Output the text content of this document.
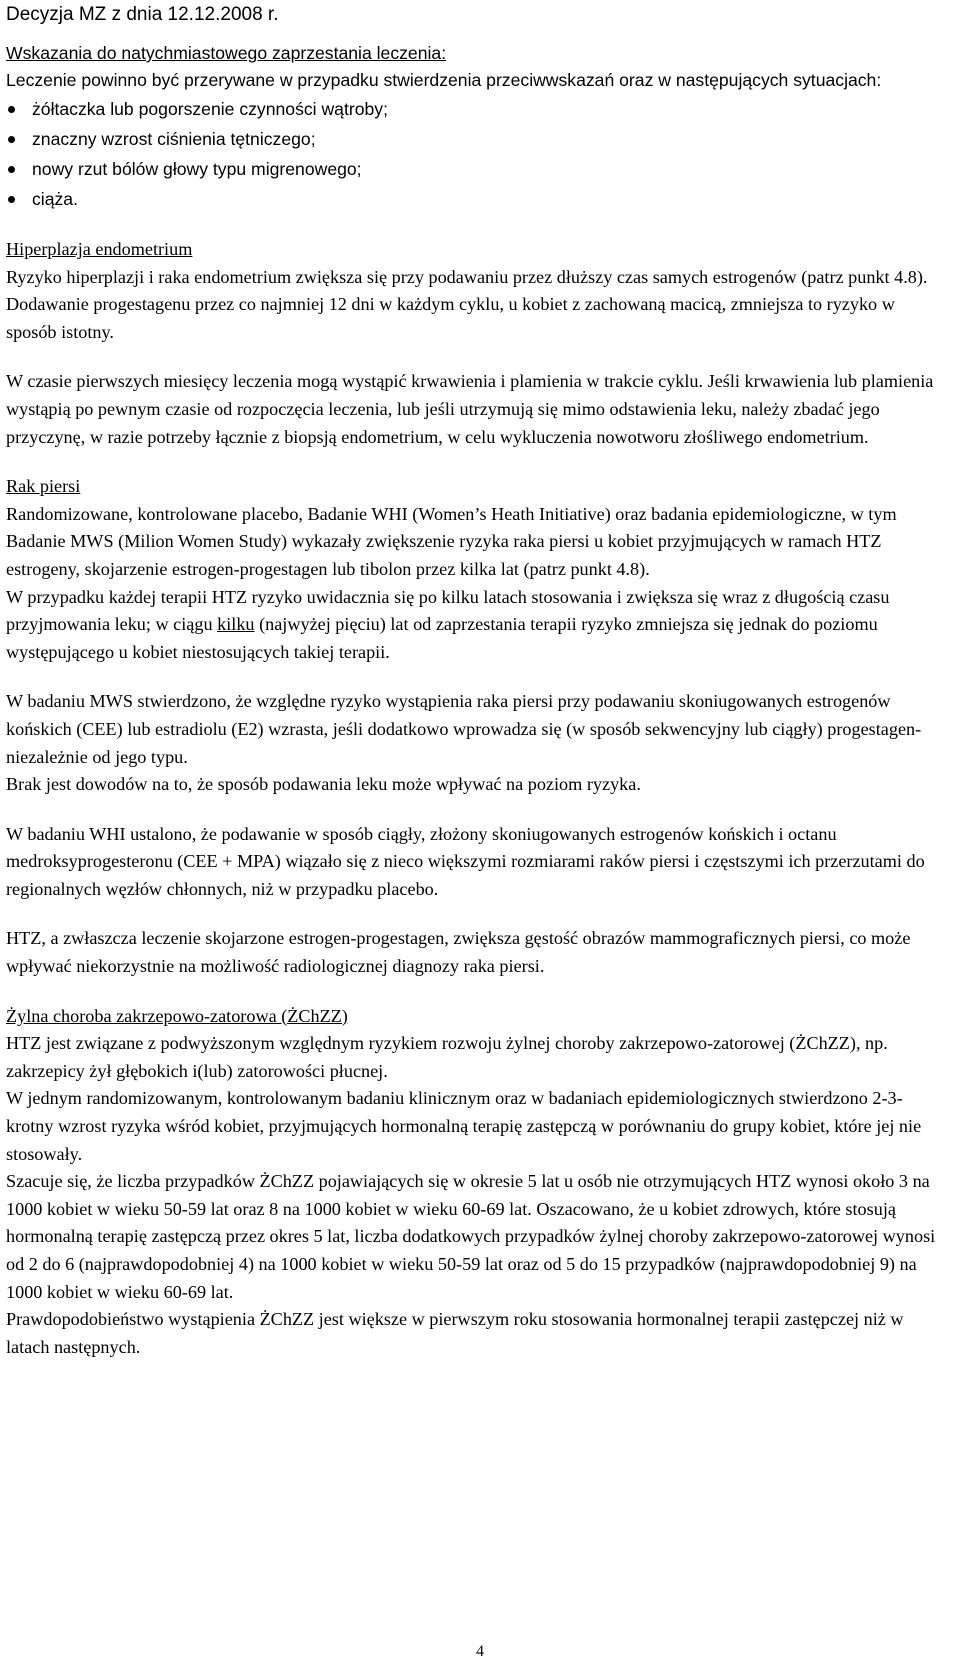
Decyzja MZ z dnia 12.12.2008 r.

Wskazania do natychmiastowego zaprzestania leczenia:

Leczenie powinno być przerywane w przypadku stwierdzenia przeciwwskazań oraz w następujących sytuacjach:

żółtaczka lub pogorszenie czynności wątroby;
znaczny wzrost ciśnienia tętniczego;
nowy rzut bólów głowy typu migrenowego;
ciąża.

Hiperplazja endometrium

Ryzyko hiperplazji i raka endometrium zwiększa się przy podawaniu przez dłuższy czas samych estrogenów (patrz punkt 4.8). Dodawanie progestagenu przez co najmniej 12 dni w każdym cyklu, u kobiet z zachowaną macicą, zmniejsza to ryzyko w sposób istotny.

W czasie pierwszych miesięcy leczenia mogą wystąpić krwawienia i plamienia w trakcie cyklu. Jeśli krwawienia lub plamienia wystąpią po pewnym czasie od rozpoczęcia leczenia, lub jeśli utrzymują się mimo odstawienia leku, należy zbadać jego przyczynę, w razie potrzeby łącznie z biopsją endometrium, w celu wykluczenia nowotworu złośliwego endometrium.

Rak piersi

Randomizowane, kontrolowane placebo, Badanie WHI (Women’s Heath Initiative) oraz badania epidemiologiczne, w tym Badanie MWS (Milion Women Study) wykazały zwiększenie ryzyka raka piersi u kobiet przyjmujących w ramach HTZ estrogeny, skojarzenie estrogen-progestagen lub tibolon przez kilka lat (patrz punkt 4.8).

W przypadku każdej terapii HTZ ryzyko uwidacznia się po kilku latach stosowania i zwiększa się wraz z długością czasu przyjmowania leku; w ciągu kilku (najwyżej pięciu) lat od zaprzestania terapii ryzyko zmniejsza się jednak do poziomu występującego u kobiet niestosujących takiej terapii.

W badaniu MWS stwierdzono, że względne ryzyko wystąpienia raka piersi przy podawaniu skoniugowanych estrogenów końskich (CEE) lub estradiolu (E2) wzrasta, jeśli dodatkowo wprowadza się (w sposób sekwencyjny lub ciągły) progestagen- niezależnie od jego typu.

Brak jest dowodów na to, że sposób podawania leku może wpływać na poziom ryzyka.

W badaniu WHI ustalono, że podawanie w sposób ciągły, złożony skoniugowanych estrogenów końskich i octanu medroksyprogesteronu (CEE + MPA) wiązało się z nieco większymi rozmiarami raków piersi i częstszymi ich przerzutami do regionalnych węzłów chłonnych, niż w przypadku placebo.

HTZ, a zwłaszcza leczenie skojarzone estrogen-progestagen, zwiększa gęstość obrazów mammograficznych piersi, co może wpływać niekorzystnie na możliwość radiologicznej diagnozy raka piersi.

Żylna choroba zakrzepowo-zatorowa (ŻChZZ)

HTZ jest związane z podwyższonym względnym ryzykiem rozwoju żylnej choroby zakrzepowo-zatorowej (ŻChZZ), np. zakrzepicy żył głębokich i(lub) zatorowości płucnej.

W jednym randomizowanym, kontrolowanym badaniu klinicznym oraz w badaniach epidemiologicznych stwierdzono 2-3-krotny wzrost ryzyka wśród kobiet, przyjmujących hormonalną terapię zastępczą w porównaniu do grupy kobiet, które jej nie stosowały.

Szacuje się, że liczba przypadków ŻChZZ pojawiających się w okresie 5 lat u osób nie otrzymujących HTZ wynosi około 3 na 1000 kobiet w wieku 50-59 lat oraz 8 na 1000 kobiet w wieku 60-69 lat. Oszacowano, że u kobiet zdrowych, które stosują hormonalną terapię zastępczą przez okres 5 lat, liczba dodatkowych przypadków żylnej choroby zakrzepowo-zatorowej wynosi od 2 do 6 (najprawdopodobniej 4) na 1000 kobiet w wieku 50-59 lat oraz od 5 do 15 przypadków (najprawdopodobniej 9) na 1000 kobiet w wieku 60-69 lat.

Prawdopodobieństwo wystąpienia ŻChZZ jest większe w pierwszym roku stosowania hormonalnej terapii zastępczej niż w latach następnych.

4
